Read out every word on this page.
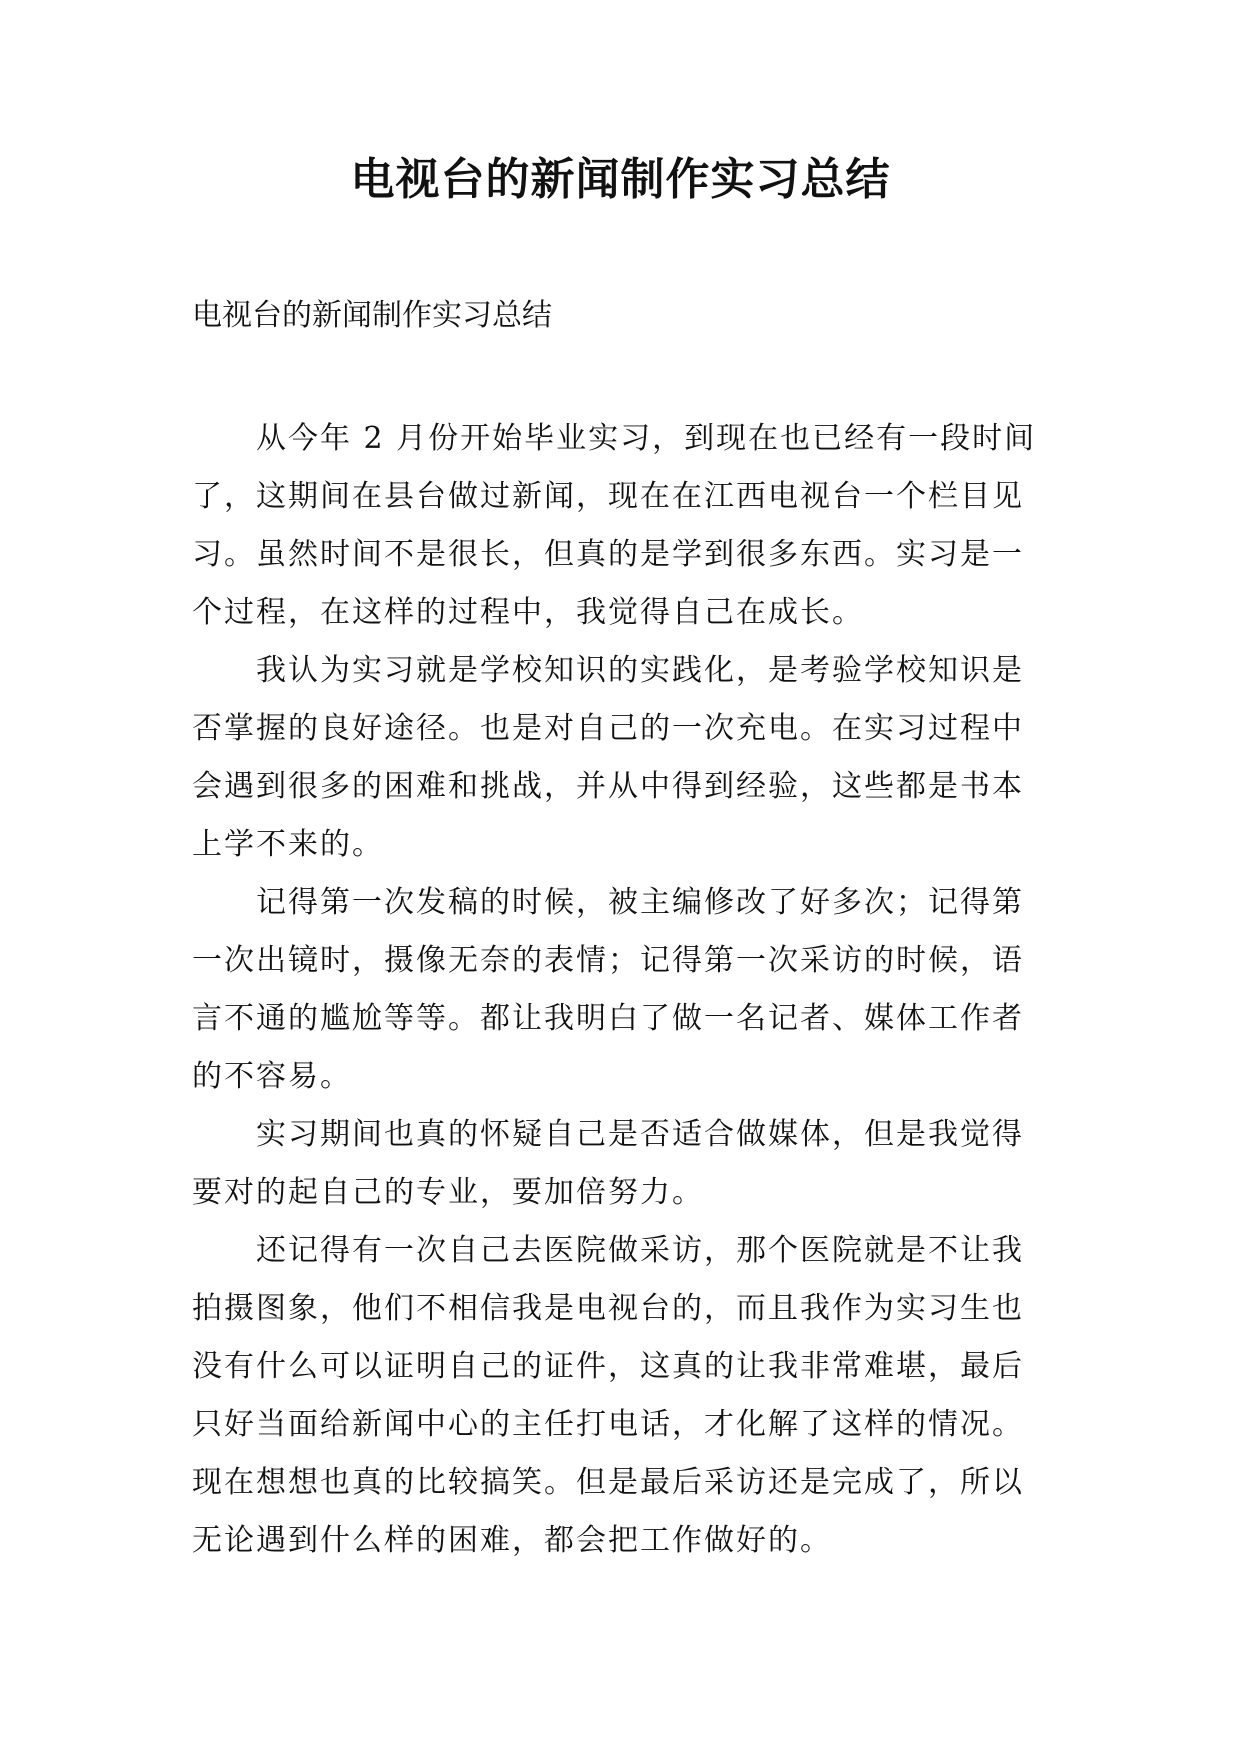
电视台的新闻制作实习总结

电视台的新闻制作实习总结

从今年 2 月份开始毕业实习，到现在也已经有一段时间
了，这期间在县台做过新闻，现在在江西电视台一个栏目见
习。虽然时间不是很长，但真的是学到很多东西。实习是一
个过程，在这样的过程中，我觉得自己在成长。

我认为实习就是学校知识的实践化，是考验学校知识是
否掌握的良好途径。也是对自己的一次充电。在实习过程中
会遇到很多的困难和挑战，并从中得到经验，这些都是书本
上学不来的。

记得第一次发稿的时候，被主编修改了好多次；记得第
一次出镜时，摄像无奈的表情；记得第一次采访的时候，语
言不通的尴尬等等。都让我明白了做一名记者、媒体工作者
的不容易。

实习期间也真的怀疑自己是否适合做媒体，但是我觉得
要对的起自己的专业，要加倍努力。

还记得有一次自己去医院做采访，那个医院就是不让我
拍摄图象，他们不相信我是电视台的，而且我作为实习生也
没有什么可以证明自己的证件，这真的让我非常难堪，最后
只好当面给新闻中心的主任打电话，才化解了这样的情况。
现在想想也真的比较搞笑。但是最后采访还是完成了，所以
无论遇到什么样的困难，都会把工作做好的。
